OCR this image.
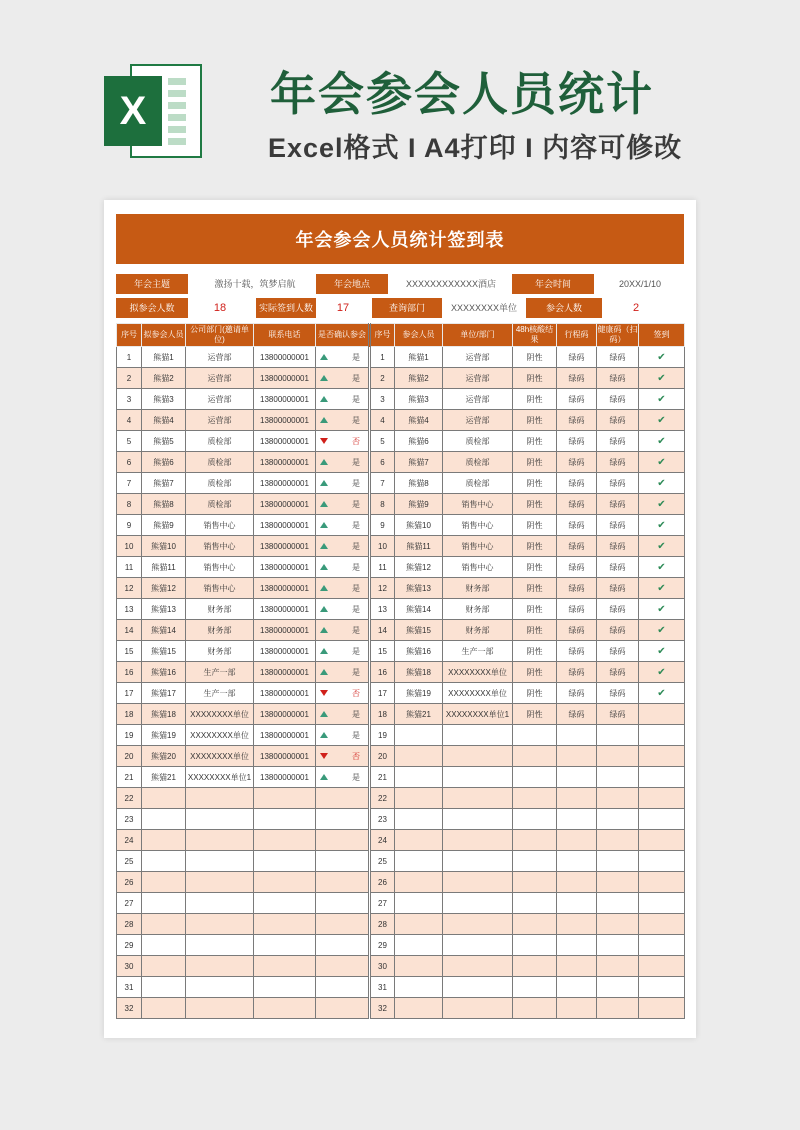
X	年会参会人员统计
Excel格式 I A4打印 I 内容可修改
年会参会人员统计签到表
年会主题	激扬十载，筑梦启航	年会地点	XXXXXXXXXXXX酒店	年会时间	20XX/1/10
拟参会人数	18	实际签到人数	17	查询部门	XXXXXXXX单位	参会人数	2
序号	拟参会人员	公司部门(邀请单位)	联系电话	是否确认参会	序号	参会人员	单位/部门	48h核酸结果	行程码	健康码（扫码）	签到
1	熊猫1	运营部	13800000001	是	1	熊猫1	运营部	阴性	绿码	绿码	✔
2	熊猫2	运营部	13800000001	是	2	熊猫2	运营部	阴性	绿码	绿码	✔
3	熊猫3	运营部	13800000001	是	3	熊猫3	运营部	阴性	绿码	绿码	✔
4	熊猫4	运营部	13800000001	是	4	熊猫4	运营部	阴性	绿码	绿码	✔
5	熊猫5	质检部	13800000001	否	5	熊猫6	质检部	阴性	绿码	绿码	✔
6	熊猫6	质检部	13800000001	是	6	熊猫7	质检部	阴性	绿码	绿码	✔
7	熊猫7	质检部	13800000001	是	7	熊猫8	质检部	阴性	绿码	绿码	✔
8	熊猫8	质检部	13800000001	是	8	熊猫9	销售中心	阴性	绿码	绿码	✔
9	熊猫9	销售中心	13800000001	是	9	熊猫10	销售中心	阴性	绿码	绿码	✔
10	熊猫10	销售中心	13800000001	是	10	熊猫11	销售中心	阴性	绿码	绿码	✔
11	熊猫11	销售中心	13800000001	是	11	熊猫12	销售中心	阴性	绿码	绿码	✔
12	熊猫12	销售中心	13800000001	是	12	熊猫13	财务部	阴性	绿码	绿码	✔
13	熊猫13	财务部	13800000001	是	13	熊猫14	财务部	阴性	绿码	绿码	✔
14	熊猫14	财务部	13800000001	是	14	熊猫15	财务部	阴性	绿码	绿码	✔
15	熊猫15	财务部	13800000001	是	15	熊猫16	生产一部	阴性	绿码	绿码	✔
16	熊猫16	生产一部	13800000001	是	16	熊猫18	XXXXXXXX单位	阴性	绿码	绿码	✔
17	熊猫17	生产一部	13800000001	否	17	熊猫19	XXXXXXXX单位	阴性	绿码	绿码	✔
18	熊猫18	XXXXXXXX单位	13800000001	是	18	熊猫21	XXXXXXXX单位1	阴性	绿码	绿码	
19	熊猫19	XXXXXXXX单位	13800000001	是	19						
20	熊猫20	XXXXXXXX单位	13800000001	否	20						
21	熊猫21	XXXXXXXX单位1	13800000001	是	21						
22					22						
23					23						
24					24						
25					25						
26					26						
27					27						
28					28						
29					29						
30					30						
31					31						
32					32						
